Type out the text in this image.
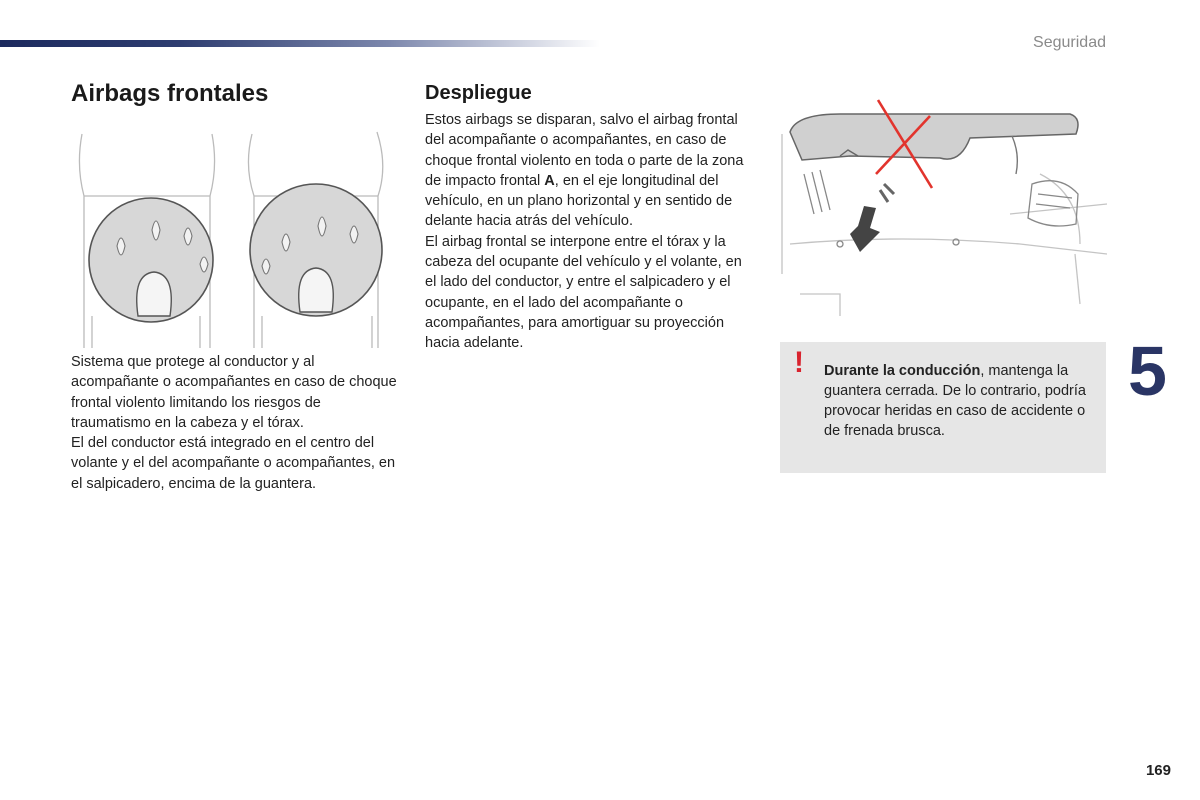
Seguridad
Airbags frontales	Despliegue

Sistema que protege al conductor y al acompañante o acompañantes en caso de choque frontal violento limitando los riesgos de traumatismo en la cabeza y el tórax.

El del conductor está integrado en el centro del volante y el del acompañante o acompañantes, en el salpicadero, encima de la guantera.

Estos airbags se disparan, salvo el airbag frontal del acompañante o acompañantes, en caso de choque frontal violento en toda o parte de la zona de impacto frontal A, en el eje longitudinal del vehículo, en un plano horizontal y en sentido de delante hacia atrás del vehículo.

El airbag frontal se interpone entre el tórax y la cabeza del ocupante del vehículo y el volante, en el lado del conductor, y entre el salpicadero y el ocupante, en el lado del acompañante o acompañantes, para amortiguar su proyección hacia adelante.

! Durante la conducción, mantenga la guantera cerrada. De lo contrario, podría provocar heridas en caso de accidente o de frenada brusca.

5
169
